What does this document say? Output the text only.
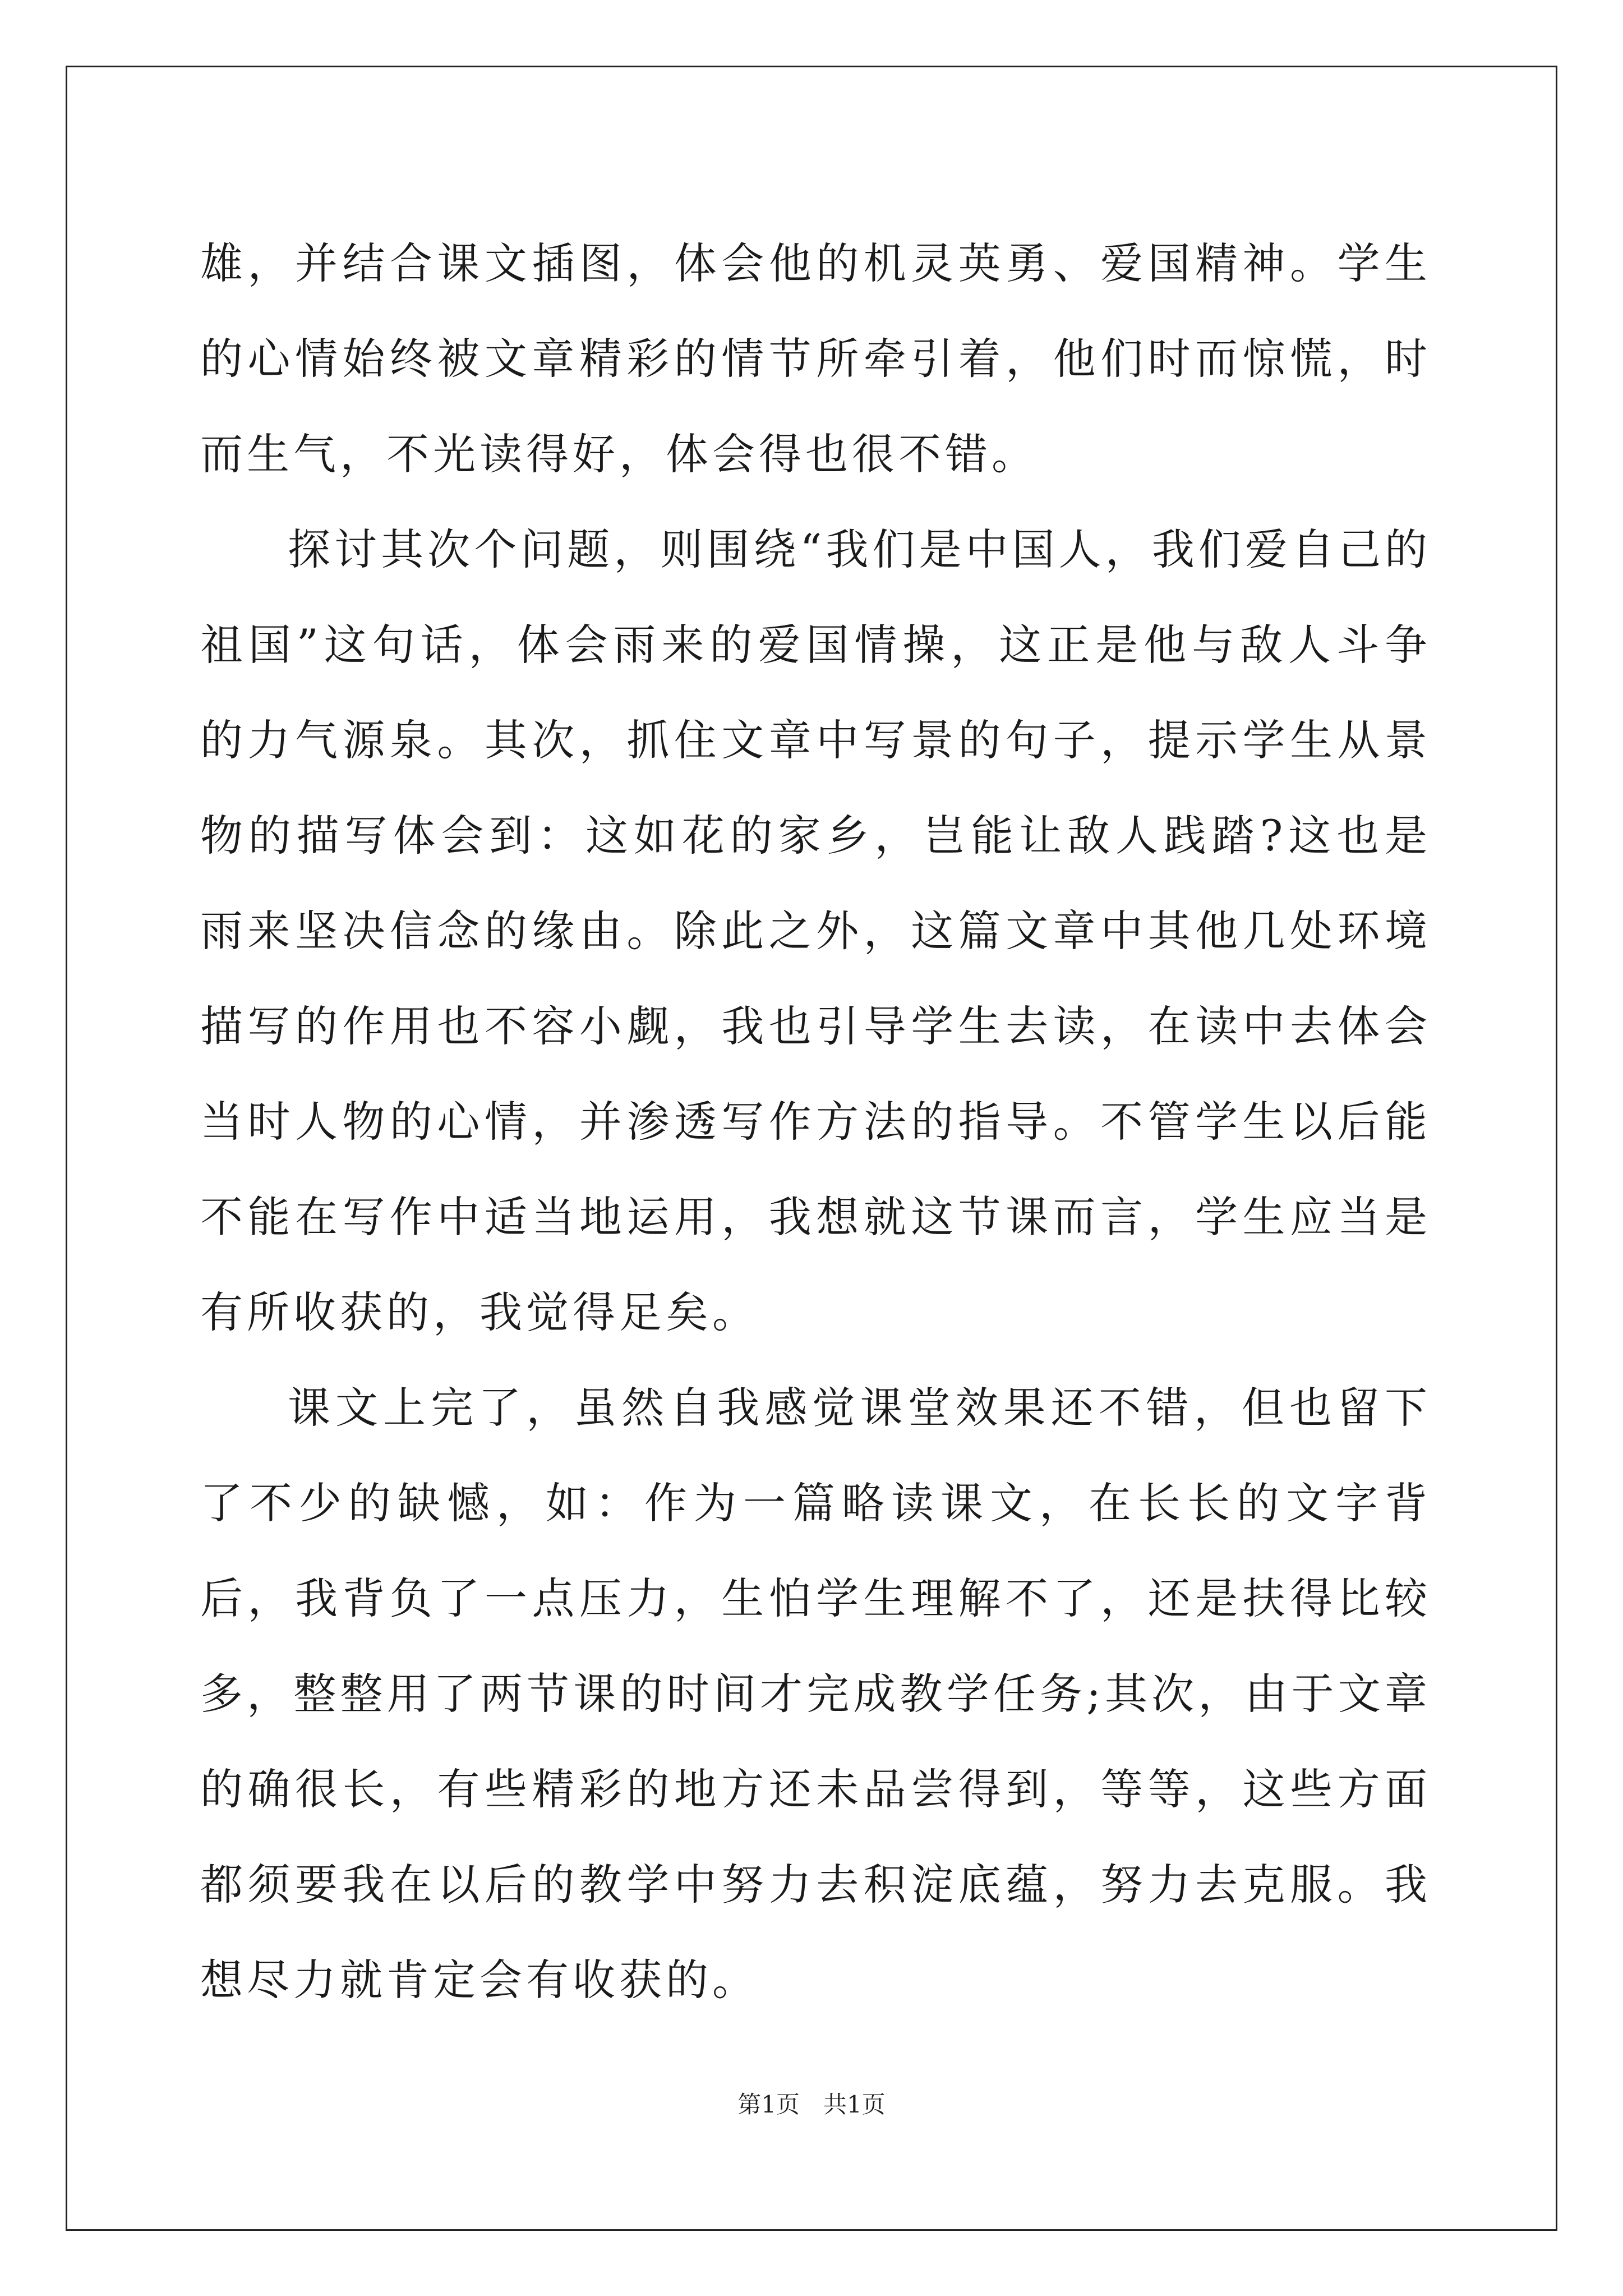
雄，并结合课文插图，体会他的机灵英勇、爱国精神。学生的心情始终被文章精彩的情节所牵引着，他们时而惊慌，时而生气，不光读得好，体会得也很不错。

探讨其次个问题，则围绕“我们是中国人，我们爱自己的祖国”这句话，体会雨来的爱国情操，这正是他与敌人斗争的力气源泉。其次，抓住文章中写景的句子，提示学生从景物的描写体会到：这如花的家乡，岂能让敌人践踏?这也是雨来坚决信念的缘由。除此之外，这篇文章中其他几处环境描写的作用也不容小觑，我也引导学生去读，在读中去体会当时人物的心情，并渗透写作方法的指导。不管学生以后能不能在写作中适当地运用，我想就这节课而言，学生应当是有所收获的，我觉得足矣。

课文上完了，虽然自我感觉课堂效果还不错，但也留下了不少的缺憾，如：作为一篇略读课文，在长长的文字背后，我背负了一点压力，生怕学生理解不了，还是扶得比较多，整整用了两节课的时间才完成教学任务;其次，由于文章的确很长，有些精彩的地方还未品尝得到，等等，这些方面都须要我在以后的教学中努力去积淀底蕴，努力去克服。我想尽力就肯定会有收获的。

第1页　共1页
